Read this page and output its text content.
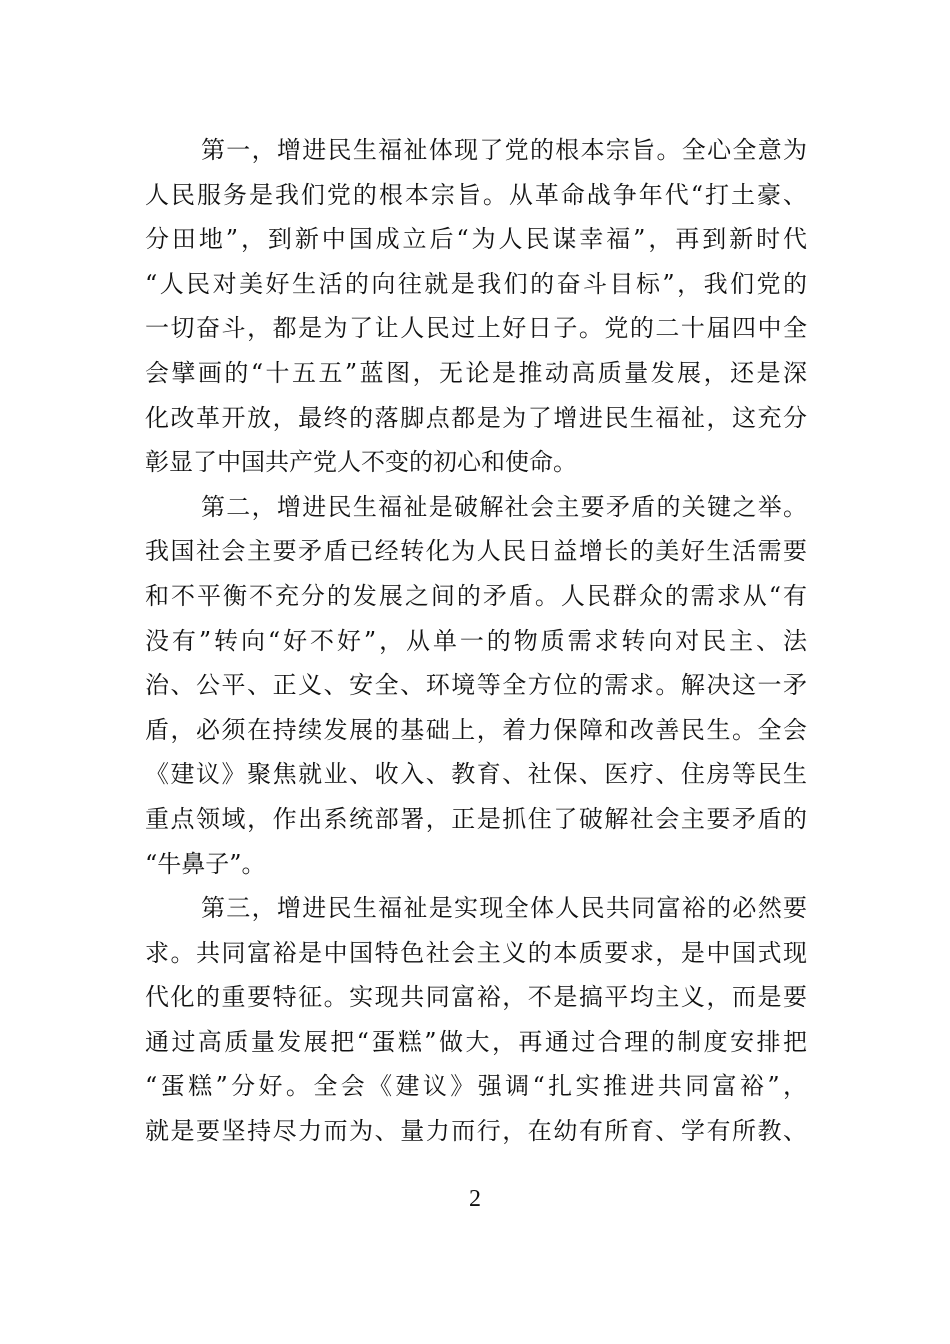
第一，增进民生福祉体现了党的根本宗旨。全心全意为
人民服务是我们党的根本宗旨。从革命战争年代“打土豪、
分田地”，到新中国成立后“为人民谋幸福”，再到新时代
“人民对美好生活的向往就是我们的奋斗目标”，我们党的
一切奋斗，都是为了让人民过上好日子。党的二十届四中全
会擘画的“十五五”蓝图，无论是推动高质量发展，还是深
化改革开放，最终的落脚点都是为了增进民生福祉，这充分
彰显了中国共产党人不变的初心和使命。
第二，增进民生福祉是破解社会主要矛盾的关键之举。
我国社会主要矛盾已经转化为人民日益增长的美好生活需要
和不平衡不充分的发展之间的矛盾。人民群众的需求从“有
没有”转向“好不好”，从单一的物质需求转向对民主、法
治、公平、正义、安全、环境等全方位的需求。解决这一矛
盾，必须在持续发展的基础上，着力保障和改善民生。全会
《建议》聚焦就业、收入、教育、社保、医疗、住房等民生
重点领域，作出系统部署，正是抓住了破解社会主要矛盾的
“牛鼻子”。
第三，增进民生福祉是实现全体人民共同富裕的必然要
求。共同富裕是中国特色社会主义的本质要求，是中国式现
代化的重要特征。实现共同富裕，不是搞平均主义，而是要
通过高质量发展把“蛋糕”做大，再通过合理的制度安排把
“蛋糕”分好。全会《建议》强调“扎实推进共同富裕”，
就是要坚持尽力而为、量力而行，在幼有所育、学有所教、
2
